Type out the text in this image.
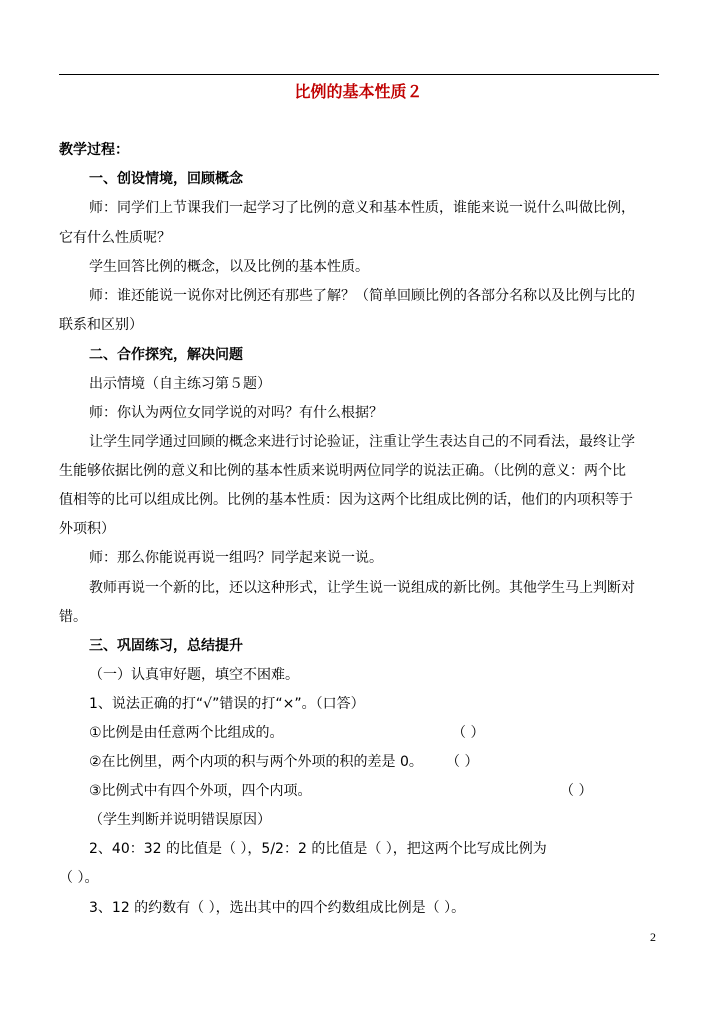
比例的基本性质２
教学过程：
一、创设情境，回顾概念
师：同学们上节课我们一起学习了比例的意义和基本性质，谁能来说一说什么叫做比例，
它有什么性质呢？
学生回答比例的概念，以及比例的基本性质。
师：谁还能说一说你对比例还有那些了解？（简单回顾比例的各部分名称以及比例与比的
联系和区别）
二、合作探究，解决问题
出示情境（自主练习第５题）
师：你认为两位女同学说的对吗？有什么根据？
让学生同学通过回顾的概念来进行讨论验证，注重让学生表达自己的不同看法，最终让学
生能够依据比例的意义和比例的基本性质来说明两位同学的说法正确。（比例的意义：两个比
值相等的比可以组成比例。比例的基本性质：因为这两个比组成比例的话，他们的内项积等于
外项积）
师：那么你能说再说一组吗？同学起来说一说。
教师再说一个新的比，还以这种形式，让学生说一说组成的新比例。其他学生马上判断对
错。
三、巩固练习，总结提升
（一）认真审好题，填空不困难。
1、说法正确的打“√”错误的打“×”。（口答）
①比例是由任意两个比组成的。	（ ）
②在比例里，两个内项的积与两个外项的积的差是 0。 （ ）
③比例式中有四个外项，四个内项。	（ ）
（学生判断并说明错误原因）
2、40：32 的比值是（ ），5/2：2 的比值是（ ），把这两个比写成比例为
（ ）。
3、12 的约数有（ ），选出其中的四个约数组成比例是（ ）。
2
